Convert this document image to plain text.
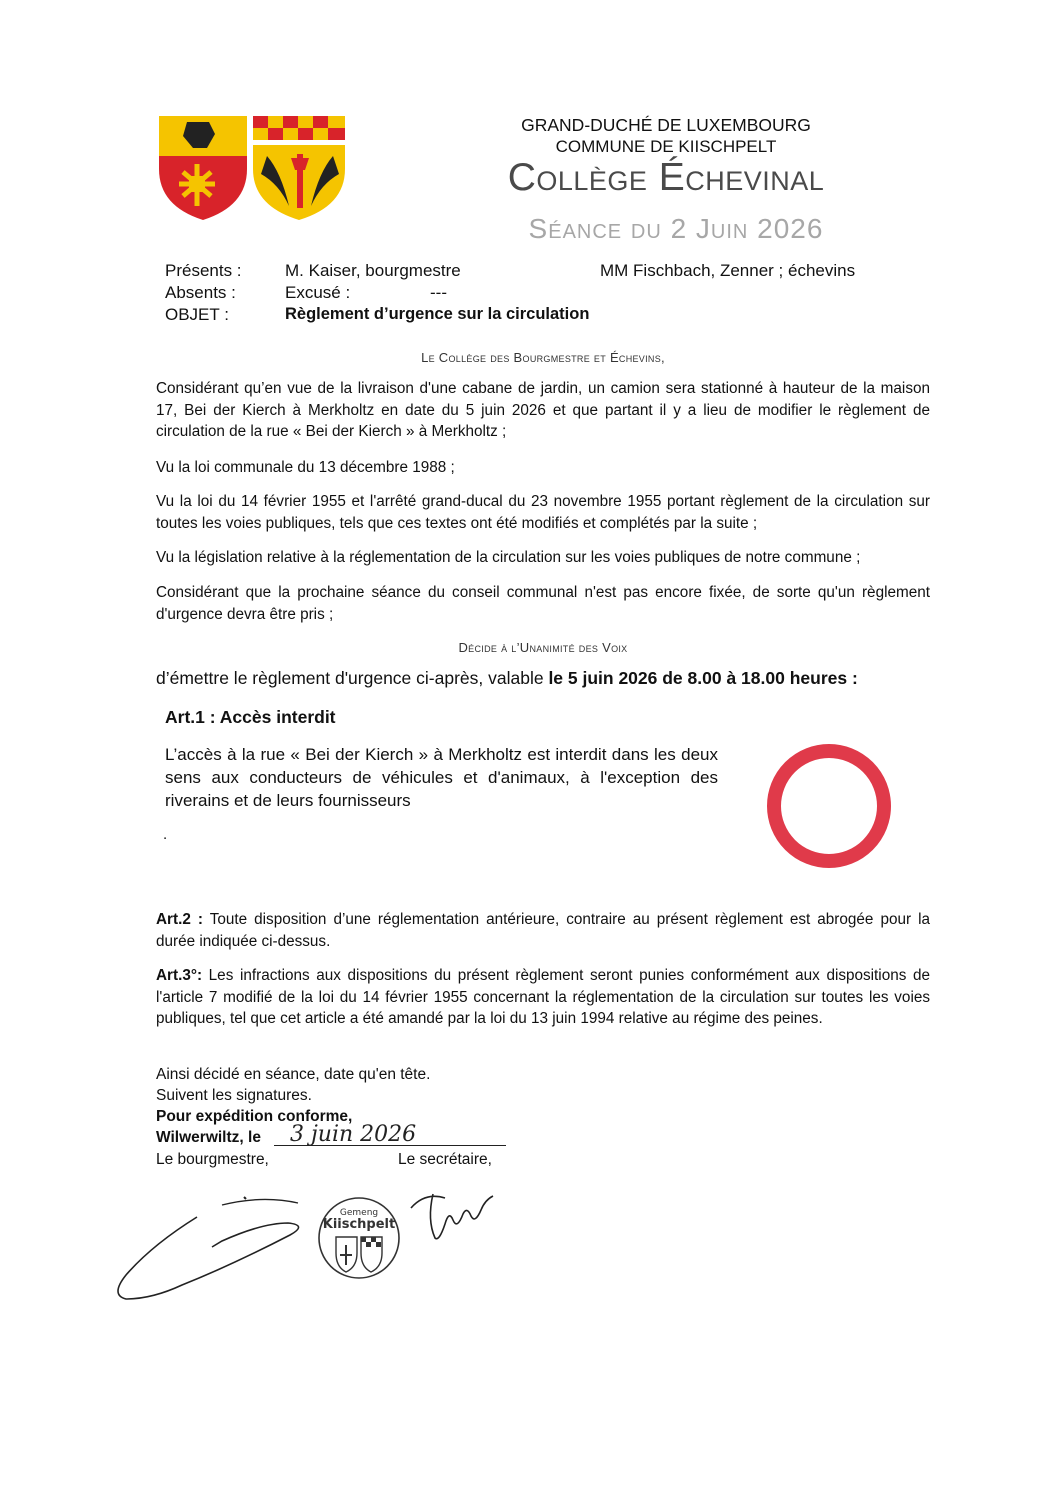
GRAND-DUCHÉ DE LUXEMBOURG
COMMUNE DE KIISCHPELT
Collège Échevinal
Séance du 2 Juin 2026
Présents :	M. Kaiser, bourgmestre	MM Fischbach, Zenner ; échevins
Absents :	Excusé :	---
OBJET :	Règlement d’urgence sur la circulation
Le Collège des Bourgmestre et Échevins,
Considérant qu’en vue de la livraison d'une cabane de jardin, un camion sera stationné à hauteur de la maison 17, Bei der Kierch à Merkholtz en date du 5 juin 2026 et que partant il y a lieu de modifier le règlement de circulation de la rue « Bei der Kierch » à Merkholtz ;
Vu la loi communale du 13 décembre 1988 ;
Vu la loi du 14 février 1955 et l'arrêté grand-ducal du 23 novembre 1955 portant règlement de la circulation sur toutes les voies publiques, tels que ces textes ont été modifiés et complétés par la suite ;
Vu la législation relative à la réglementation de la circulation sur les voies publiques de notre commune ;
Considérant que la prochaine séance du conseil communal n'est pas encore fixée, de sorte qu'un règlement d'urgence devra être pris ;
Décide à l’Unanimité des Voix
d’émettre le règlement d'urgence ci-après, valable le 5 juin 2026 de 8.00 à 18.00 heures :
Art.1 : Accès interdit
L’accès à la rue « Bei der Kierch » à Merkholtz est interdit dans les deux sens aux conducteurs de véhicules et d'animaux, à l'exception des riverains et de leurs fournisseurs
.
Art.2 : Toute disposition d’une réglementation antérieure, contraire au présent règlement est abrogée pour la durée indiquée ci-dessus.
Art.3°: Les infractions aux dispositions du présent règlement seront punies conformément aux dispositions de l'article 7 modifié de la loi du 14 février 1955 concernant la réglementation de la circulation sur toutes les voies publiques, tel que cet article a été amandé par la loi du 13 juin 1994 relative au régime des peines.
Ainsi décidé en séance, date qu'en tête.
Suivent les signatures.
Pour expédition conforme,
Wilwerwiltz, le 3 juin 2026
Le bourgmestre,	Le secrétaire,
Gemeng
Kiischpelt
